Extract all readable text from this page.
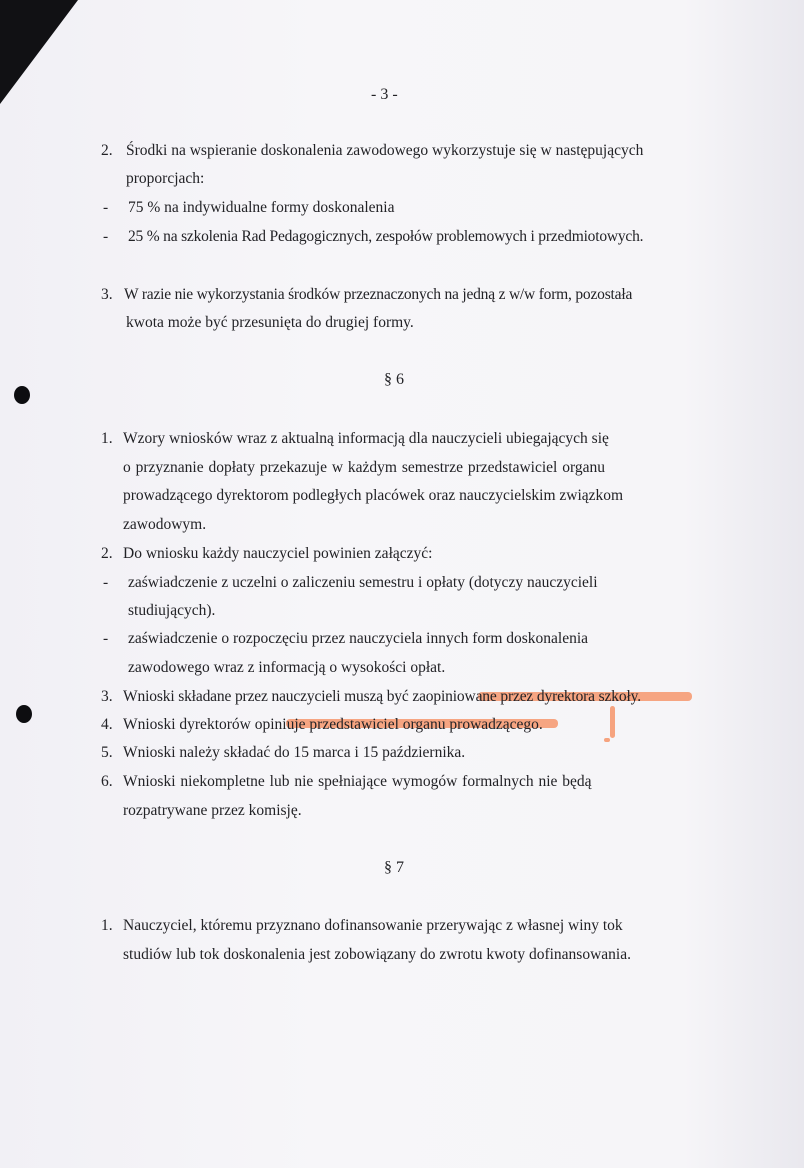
- 3 -
2. Środki na wspieranie doskonalenia zawodowego wykorzystuje się w następujących
proporcjach:
- 75 % na indywidualne formy doskonalenia
- 25 % na szkolenia Rad Pedagogicznych, zespołów problemowych i przedmiotowych.
3. W razie nie wykorzystania środków przeznaczonych na jedną z w/w form, pozostała
kwota może być przesunięta do drugiej formy.
§ 6
1. Wzory wniosków wraz z aktualną informacją dla nauczycieli ubiegających się
o przyznanie dopłaty przekazuje w każdym semestrze przedstawiciel organu
prowadzącego dyrektorom podległych placówek oraz nauczycielskim związkom
zawodowym.
2. Do wniosku każdy nauczyciel powinien załączyć:
- zaświadczenie z uczelni o zaliczeniu semestru i opłaty (dotyczy nauczycieli
studiujących).
- zaświadczenie o rozpoczęciu przez nauczyciela innych form doskonalenia
zawodowego wraz z informacją o wysokości opłat.
3. Wnioski składane przez nauczycieli muszą być zaopiniowane przez dyrektora szkoły.
4. Wnioski dyrektorów opiniuje przedstawiciel organu prowadzącego.
5. Wnioski należy składać do 15 marca i 15 października.
6. Wnioski niekompletne lub nie spełniające wymogów formalnych nie będą
rozpatrywane przez komisję.
§ 7
1. Nauczyciel, któremu przyznano dofinansowanie przerywając z własnej winy tok
studiów lub tok doskonalenia jest zobowiązany do zwrotu kwoty dofinansowania.
